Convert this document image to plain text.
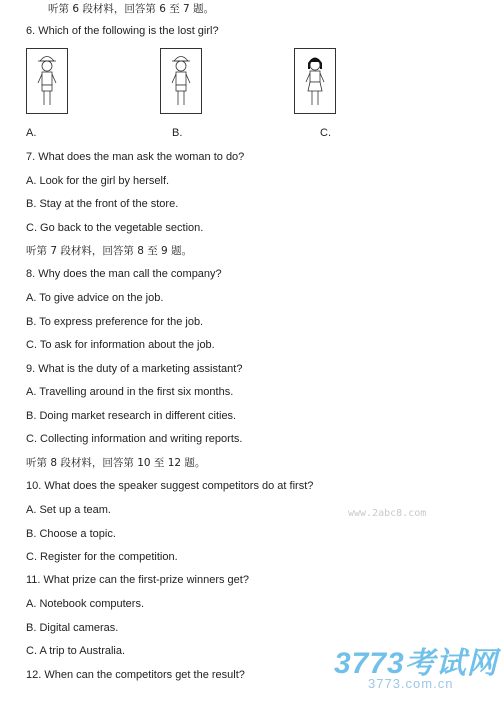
听第 6 段材料，回答第 6 至 7 题。
6. Which of the following is the lost girl?
A.	B.	C.
7. What does the man ask the woman to do?
A. Look for the girl by herself.
B. Stay at the front of the store.
C. Go back to the vegetable section.
听第 7 段材料，回答第 8 至 9 题。
8. Why does the man call the company?
A. To give advice on the job.
B. To express preference for the job.
C. To ask for information about the job.
9. What is the duty of a marketing assistant?
A. Travelling around in the first six months.
B. Doing market research in different cities.
C. Collecting information and writing reports.
听第 8 段材料，回答第 10 至 12 题。
10. What does the speaker suggest competitors do at first?
A. Set up a team.
B. Choose a topic.
C. Register for the competition.
11. What prize can the first-prize winners get?
A. Notebook computers.
B. Digital cameras.
C. A trip to Australia.
12. When can the competitors get the result?
www.2abc8.com
3773考试网
3773.com.cn
